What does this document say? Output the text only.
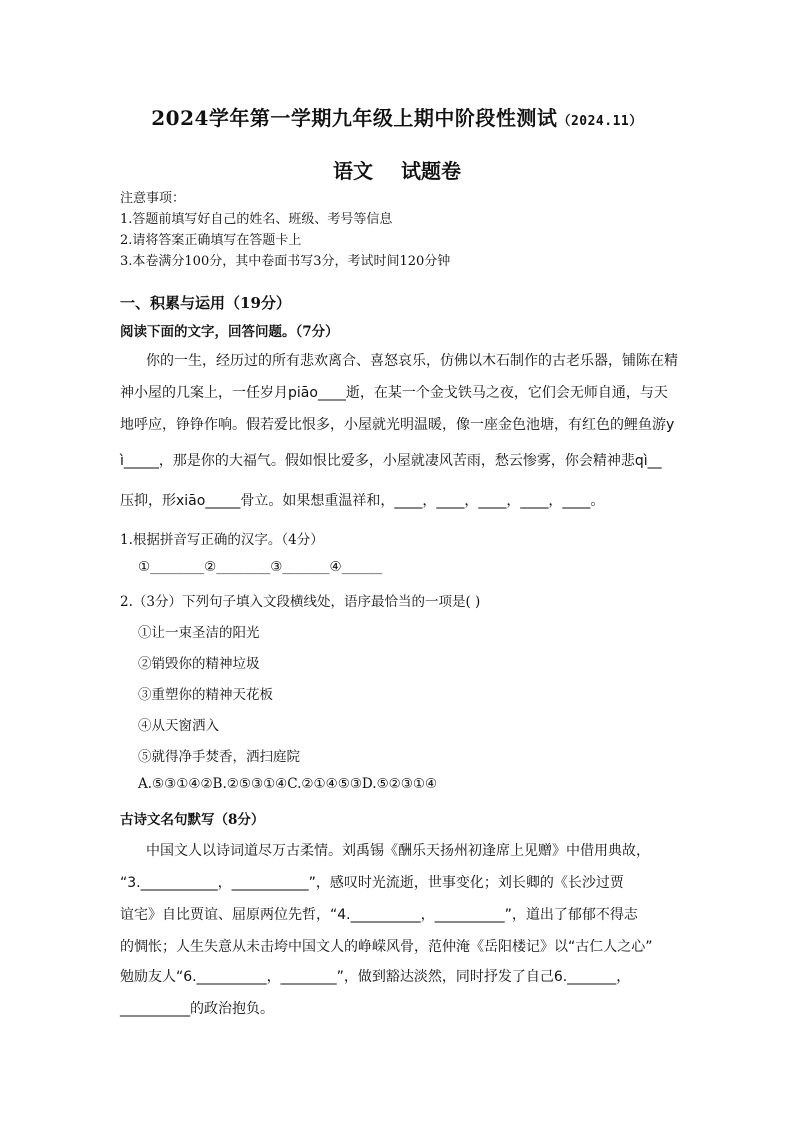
2024学年第一学期九年级上期中阶段性测试（2024.11）
语文 试题卷
注意事项：
1.答题前填写好自己的姓名、班级、考号等信息
2.请将答案正确填写在答题卡上
3.本卷满分100分，其中卷面书写3分，考试时间120分钟
一、积累与运用（19分）
阅读下面的文字，回答问题。（7分）
你的一生，经历过的所有悲欢离合、喜怒哀乐，仿佛以木石制作的古老乐器，铺陈在精
神小屋的几案上，一任岁月piāo____逝，在某一个金戈铁马之夜，它们会无师自通，与天
地呼应，铮铮作响。假若爱比恨多，小屋就光明温暖，像一座金色池塘，有红色的鲤鱼游y
ì_____，那是你的大福气。假如恨比爱多，小屋就凄风苦雨，愁云惨雾，你会精神悲qì__
压抑，形xiāo_____骨立。如果想重温祥和，____，____，____，____，____。
1.根据拼音写正确的汉字。（4分）
①________②________③_______④______
2.（3分）下列句子填入文段横线处，语序最恰当的一项是( )
①让一束圣洁的阳光
②销毁你的精神垃圾
③重塑你的精神天花板
④从天窗洒入
⑤就得净手焚香，洒扫庭院
A.⑤③①④②B.②⑤③①④C.②①④⑤③D.⑤②③①④
古诗文名句默写（8分）
中国文人以诗词道尽万古柔情。刘禹锡《酬乐天扬州初逢席上见赠》中借用典故，
“3.___________，___________”，感叹时光流逝，世事变化；刘长卿的《长沙过贾
谊宅》自比贾谊、屈原两位先哲，“4.__________，__________”，道出了郁郁不得志
的惆怅；人生失意从未击垮中国文人的峥嵘风骨，范仲淹《岳阳楼记》以“古仁人之心”
勉励友人“6.__________，________”，做到豁达淡然，同时抒发了自己6._______，
__________的政治抱负。
